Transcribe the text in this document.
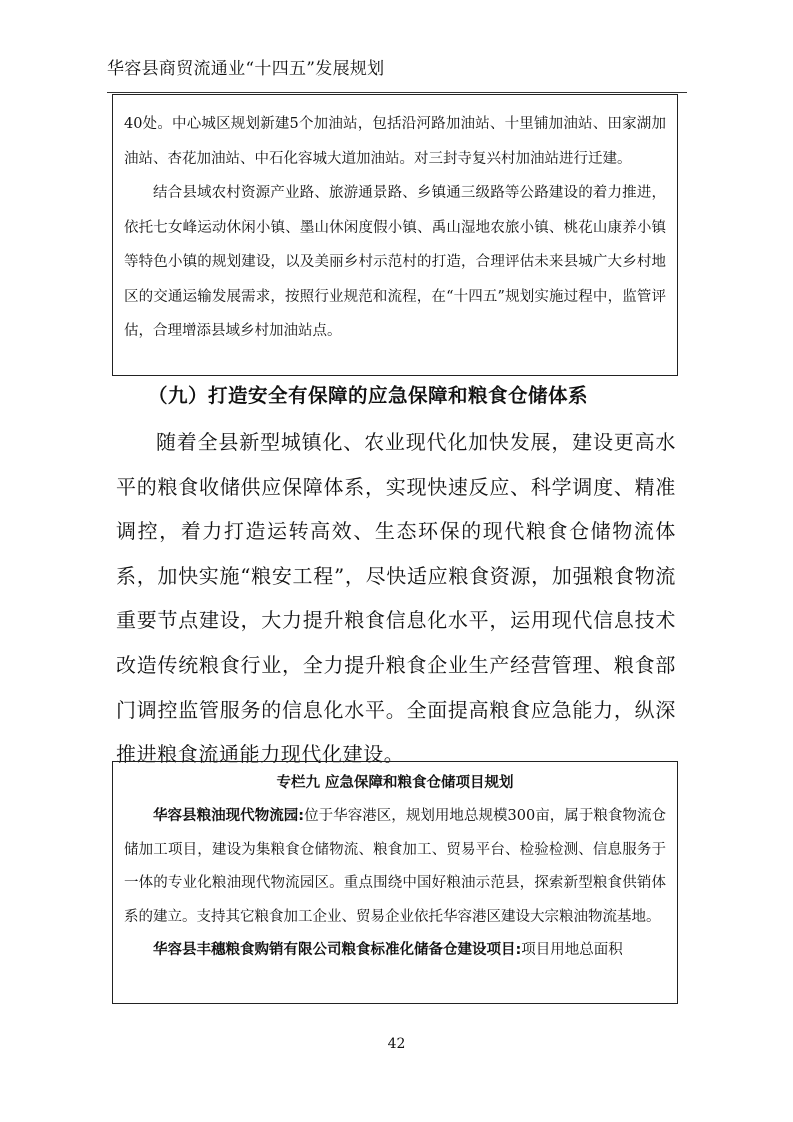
华容县商贸流通业“十四五”发展规划

40处。中心城区规划新建5个加油站，包括沿河路加油站、十里铺加油站、田家湖加油站、杏花加油站、中石化容城大道加油站。对三封寺复兴村加油站进行迁建。

结合县域农村资源产业路、旅游通景路、乡镇通三级路等公路建设的着力推进，依托七女峰运动休闲小镇、墨山休闲度假小镇、禹山湿地农旅小镇、桃花山康养小镇等特色小镇的规划建设，以及美丽乡村示范村的打造，合理评估未来县城广大乡村地区的交通运输发展需求，按照行业规范和流程，在“十四五”规划实施过程中，监管评估，合理增添县域乡村加油站点。

（九）打造安全有保障的应急保障和粮食仓储体系

随着全县新型城镇化、农业现代化加快发展，建设更高水平的粮食收储供应保障体系，实现快速反应、科学调度、精准调控，着力打造运转高效、生态环保的现代粮食仓储物流体系，加快实施“粮安工程”，尽快适应粮食资源，加强粮食物流重要节点建设，大力提升粮食信息化水平，运用现代信息技术改造传统粮食行业，全力提升粮食企业生产经营管理、粮食部门调控监管服务的信息化水平。全面提高粮食应急能力，纵深推进粮食流通能力现代化建设。

专栏九 应急保障和粮食仓储项目规划

华容县粮油现代物流园:位于华容港区，规划用地总规模300亩，属于粮食物流仓储加工项目，建设为集粮食仓储物流、粮食加工、贸易平台、检验检测、信息服务于一体的专业化粮油现代物流园区。重点围绕中国好粮油示范县，探索新型粮食供销体系的建立。支持其它粮食加工企业、贸易企业依托华容港区建设大宗粮油物流基地。

华容县丰穗粮食购销有限公司粮食标准化储备仓建设项目:项目用地总面积

42
